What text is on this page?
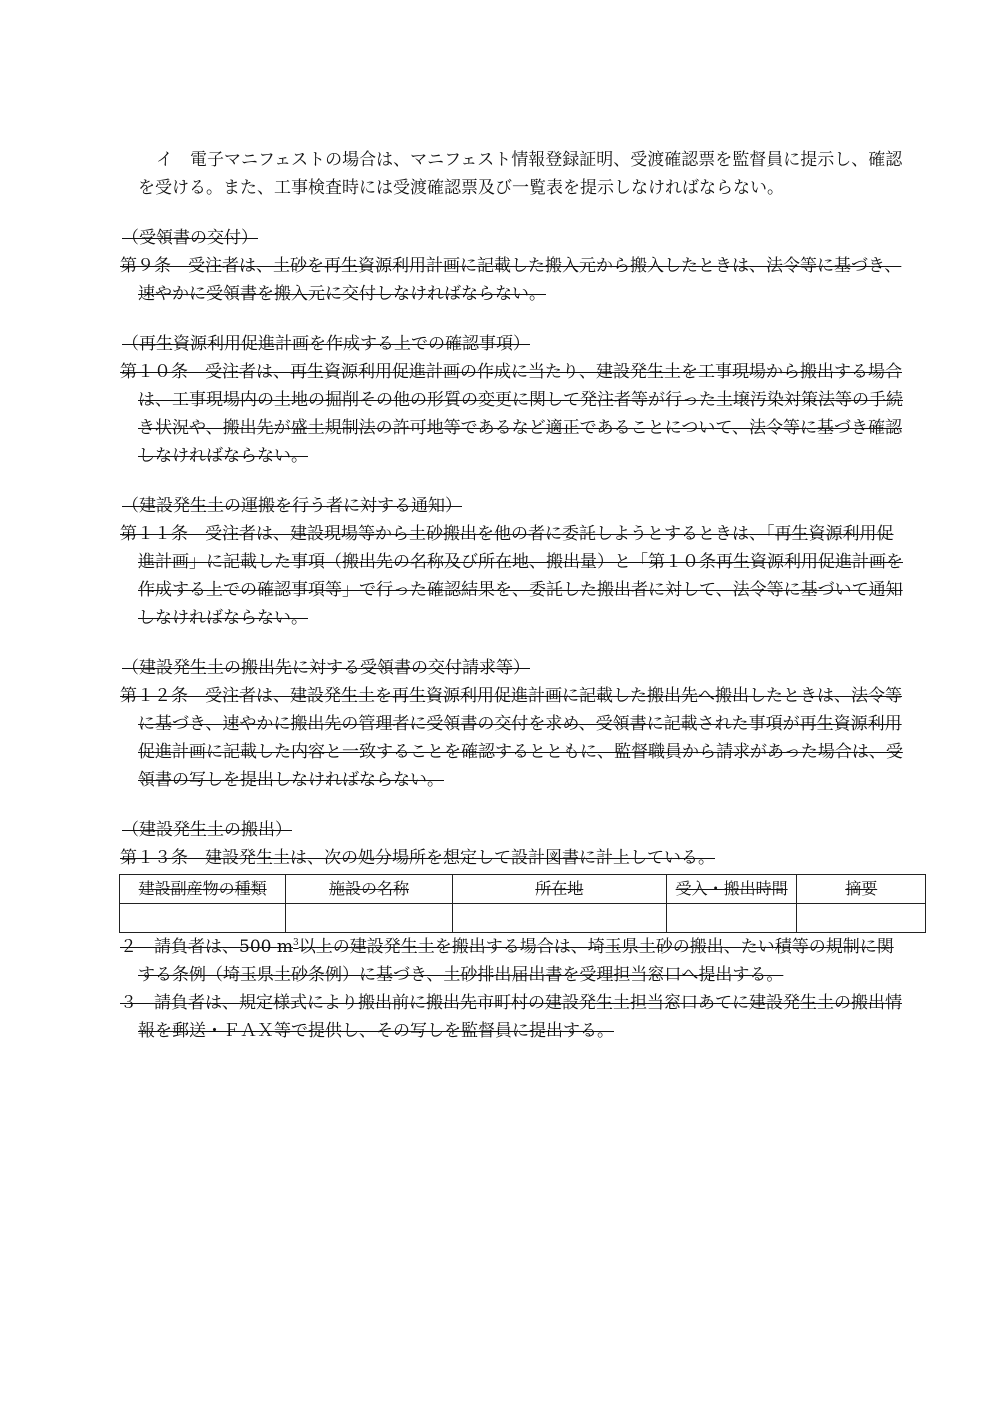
イ　電子マニフェストの場合は、マニフェスト情報登録証明、受渡確認票を監督員に提示し、確認を受ける。また、工事検査時には受渡確認票及び一覧表を提示しなければならない。

（受領書の交付）

第９条　受注者は、土砂を再生資源利用計画に記載した搬入元から搬入したときは、法令等に基づき、速やかに受領書を搬入元に交付しなければならない。

（再生資源利用促進計画を作成する上での確認事項）

第１０条　受注者は、再生資源利用促進計画の作成に当たり、建設発生土を工事現場から搬出する場合は、工事現場内の土地の掘削その他の形質の変更に関して発注者等が行った土壌汚染対策法等の手続き状況や、搬出先が盛土規制法の許可地等であるなど適正であることについて、法令等に基づき確認しなければならない。

（建設発生土の運搬を行う者に対する通知）

第１１条　受注者は、建設現場等から土砂搬出を他の者に委託しようとするときは、「再生資源利用促進計画」に記載した事項（搬出先の名称及び所在地、搬出量）と「第１０条再生資源利用促進計画を作成する上での確認事項等」で行った確認結果を、委託した搬出者に対して、法令等に基づいて通知しなければならない。

（建設発生土の搬出先に対する受領書の交付請求等）

第１２条　受注者は、建設発生土を再生資源利用促進計画に記載した搬出先へ搬出したときは、法令等に基づき、速やかに搬出先の管理者に受領書の交付を求め、受領書に記載された事項が再生資源利用促進計画に記載した内容と一致することを確認するとともに、監督職員から請求があった場合は、受領書の写しを提出しなければならない。

（建設発生土の搬出）

第１３条　建設発生土は、次の処分場所を想定して設計図書に計上している。

建設副産物の種類	施設の名称	所在地	受入・搬出時間	摘要

２　請負者は、500 $m^3$以上の建設発生土を搬出する場合は、埼玉県土砂の搬出、たい積等の規制に関する条例（埼玉県土砂条例）に基づき、土砂排出届出書を受理担当窓口へ提出する。

３　請負者は、規定様式により搬出前に搬出先市町村の建設発生土担当窓口あてに建設発生土の搬出情報を郵送・ＦＡＸ等で提供し、その写しを監督員に提出する。
